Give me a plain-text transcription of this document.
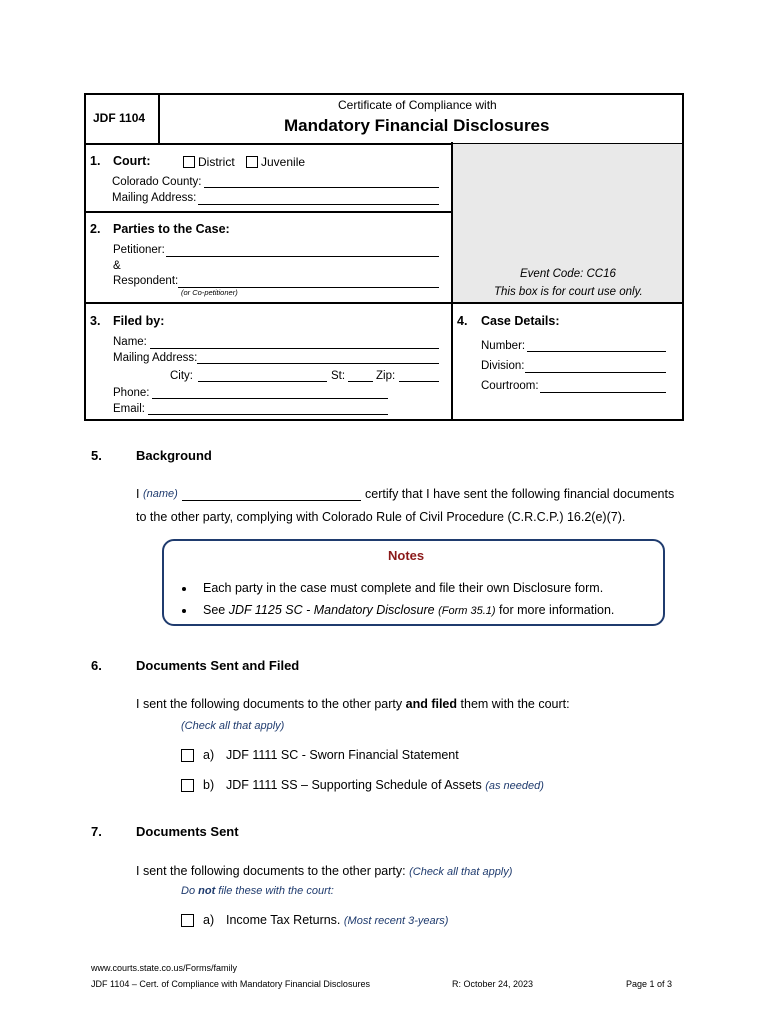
JDF 1104
Certificate of Compliance with
Mandatory Financial Disclosures
1. Court:	District Juvenile
Colorado County:
Mailing Address:
2. Parties to the Case:
Petitioner:
&
Respondent:
(or Co-petitioner)
Event Code: CC16
This box is for court use only.
3. Filed by:
Name:
Mailing Address:
City:	St:	Zip:
Phone:
Email:
4. Case Details:
Number:
Division:
Courtroom:
5.	Background
I (name)	certify that I have sent the following financial documents
to the other party, complying with Colorado Rule of Civil Procedure (C.R.C.P.) 16.2(e)(7).
Notes
Each party in the case must complete and file their own Disclosure form.
See JDF 1125 SC - Mandatory Disclosure (Form 35.1) for more information.
6.	Documents Sent and Filed
I sent the following documents to the other party and filed them with the court:
(Check all that apply)
a) JDF 1111 SC - Sworn Financial Statement
b) JDF 1111 SS – Supporting Schedule of Assets (as needed)
7.	Documents Sent
I sent the following documents to the other party: (Check all that apply)
Do not file these with the court:
a) Income Tax Returns. (Most recent 3-years)
www.courts.state.co.us/Forms/family
JDF 1104 – Cert. of Compliance with Mandatory Financial Disclosures	R: October 24, 2023	Page 1 of 3
